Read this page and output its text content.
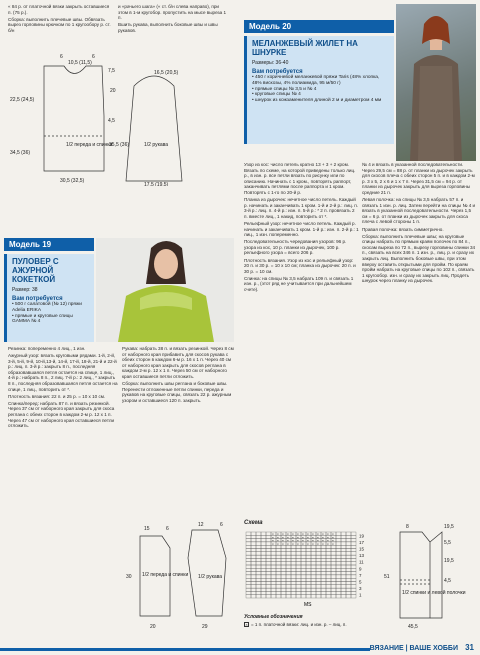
« 84 р. от платочной вязки закрыть оставшиеся п. (75 р.).

Сборка: выполнить плечевые швы. Обвязать вырез горловины крючком по 1 кругообору р. ст. б/н

и «рачьего шага» (« ст. б/н слева направо), при этом в 1-м кругобор. пропустить на мысе выреза 1 п.

Вшить рукава, выполнить боковые швы и швы рукавов.

6
10,5 (11,5)
6
7,5
20
22,5 (24,5)
4,5
1/2 переда и спинки
34,5 (36)
30,5 (32,5)
16,5 (20,5)
35,5 (36)	1/2 рукава
17,5 (19,5)
Модель 20
МЕЛАНЖЕВЫЙ ЖИЛЕТ НА ШНУРКЕ
Размеры: 36-40
Вам потребуется
• 450 г коричневой меланжевой пряжи Taris (48% хлопка, 48% вискозы, 4% полиамида, 95 м/50 г)
• прямые спицы № 3,5 и № 4
• круговые спицы № 4
• шнурок из кожзаменителя длиной 2 м и диаметром 4 мм
Модель 19
ПУЛОВЕР С АЖУРНОЙ КОКЕТКОЙ
Размер: 38
Вам потребуется
• 500 г салатовой (№ 12) пряжи Adelia ERIKA
• прямые и круговые спицы GAMMA № 4

Резинка: попеременно 4 лиц., 1 изн.

Ажурный узор: вязать круговыми рядами. 1-й, 2-й, 3-й, 5-й, 9-й, 10-й,13-й, 14-й, 17-й, 18-й, 21-й и 22-й р.: лиц. п. 3-й р.: закрыть 8 п., последняя образовавшаяся петля остается на спице, 1 лиц., 4-й р.: набрать 8 п., 2 лиц. 7-й р.: 2 лиц., * закрыть 8 п., последняя образовавшаяся петля остается на спице, 1 лиц., повторить от *.

Плотность вязания: 22 п. и 25 р. = 10 х 10 см.

Спинка/перед: набрать 87 п. и вязать резинкой. Через 37 см от наборного края закрыть для скоса реглана с обеих сторон в каждом 2-м р. 12 х 1 п. Через 47 см от наборного края оставшиеся петли отложить.

Рукава: набрать 38 п. и вязать резинкой. Через 8 см от наборного края прибавить для скосов рукава с обеих сторон в каждом 6-м р. 16 х 1 п. Через 40 см от наборного края закрыть для скосов реглана в каждом 2-м р. 12 х 1 п. Через 50 см от наборного края оставшиеся петли отложить.

Сборка: выполнить швы реглана и боковые швы. Перенести отложенные петли спинки, переда и рукавов на круговые спицы, связать 22 р. ажурным узором и оставшиеся 120 п. закрыть.

15	6
12	6
1/2 переда и спинки
30
20
1/2 рукава
29

Узор из кос: число петель кратно 13 + 3 + 2 кром. Вязать по схеме, на которой приведены только лиц. р., в изн. р. все петли вязать по рисунку или по описанию. Начинать с 1 кром., повторять раппорт, заканчивать петлями после раппорта и 1 кром. Повторять с 1-го по 20-й р.

Планка из дырочек: нечетное число петель. Каждый р. начинать и заканчивать 1 кром. 1-й и 2-й р.: лиц. п. 3-й р.: лиц. п. 4-й р.: изн. п. 5-й р.: * 2 п. провязать 2 п. вместе лиц., 1 накид, повторить от *.

Рельефный узор: нечетное число петель. Каждый р. начинать и заканчивать 1 кром. 1-й р.: изн. п. 2-й р.: 1 лиц., 1 изн. попеременно.

Последовательность чередования узоров: 96 р. узора из кос, 10 р. планки из дырочек, 100 р. рельефного узора = всего 206 р.

Плотность вязания. Узор из кос и рельефный узор: 20 п. и 30 р. = 10 х 10 см; планка из дырочек: 20 п. и 30 р. = 10 см.

Спинка: на спицы № 3,5 набрать 109 п. и связать 1 изн. р., (этот ряд не учитывается при дальнейшем счете).

№ 4 и вязать в указанной последовательности. Через 29,5 см = 88 р. от планки из дырочек закрыть для скосов плеча с обеих сторон 5 п. и в каждом 2-м р. 3 х 5, 2 х 6 и 1 х 7 п. Через 31,5 см = 94 р. от планки из дырочек закрыть для выреза горловины средние 21 п.

Левая полочка: на спицы № 3,5 набрать 57 п. и связать 1 изн. р. лиц. Затем перейти на спицы № 4 и вязать в указанной последовательности. Через 1,5 см = 6 р. от планки из дырочек закрыть для скоса плеча с левой стороны 1 п.

Правая полочка: вязать симметрично.

Сборка: выполнить плечевые швы; на круговые спицы набрать по прямым краям полочек по 84 п., скосам выреза по 72 п., вырезу горловины спинки 34 п., связать на всех 346 п. 1 изн. р., лиц. р. и сразу их закрыть лиц. Выполнить боковые швы, при этом вверху оставить открытыми для пройм. По краям пройм набрать на круговые спицы по 102 п., связать 1 кругообор. изн. и сразу их закрыть лиц. Продеть шнурок через планку из дырочек.

Схема
× × × × × × × × × × × × ×
× × × × × × × × × × × × ×
× × × × × × × × × × × × ×
× × × × × × × × × × × × ×
19
17
15
13
11
9
7
5
3
1
MS
Условные обозначения
× = 1 п. платочной вязки: лиц. и изн. р. – лиц. п.
8	19,5
5,5
19,5
1/2 спинки и левой полочки
51
4,5
45,5
ВЯЗАНИЕ | ВАШЕ ХОББИ 31
